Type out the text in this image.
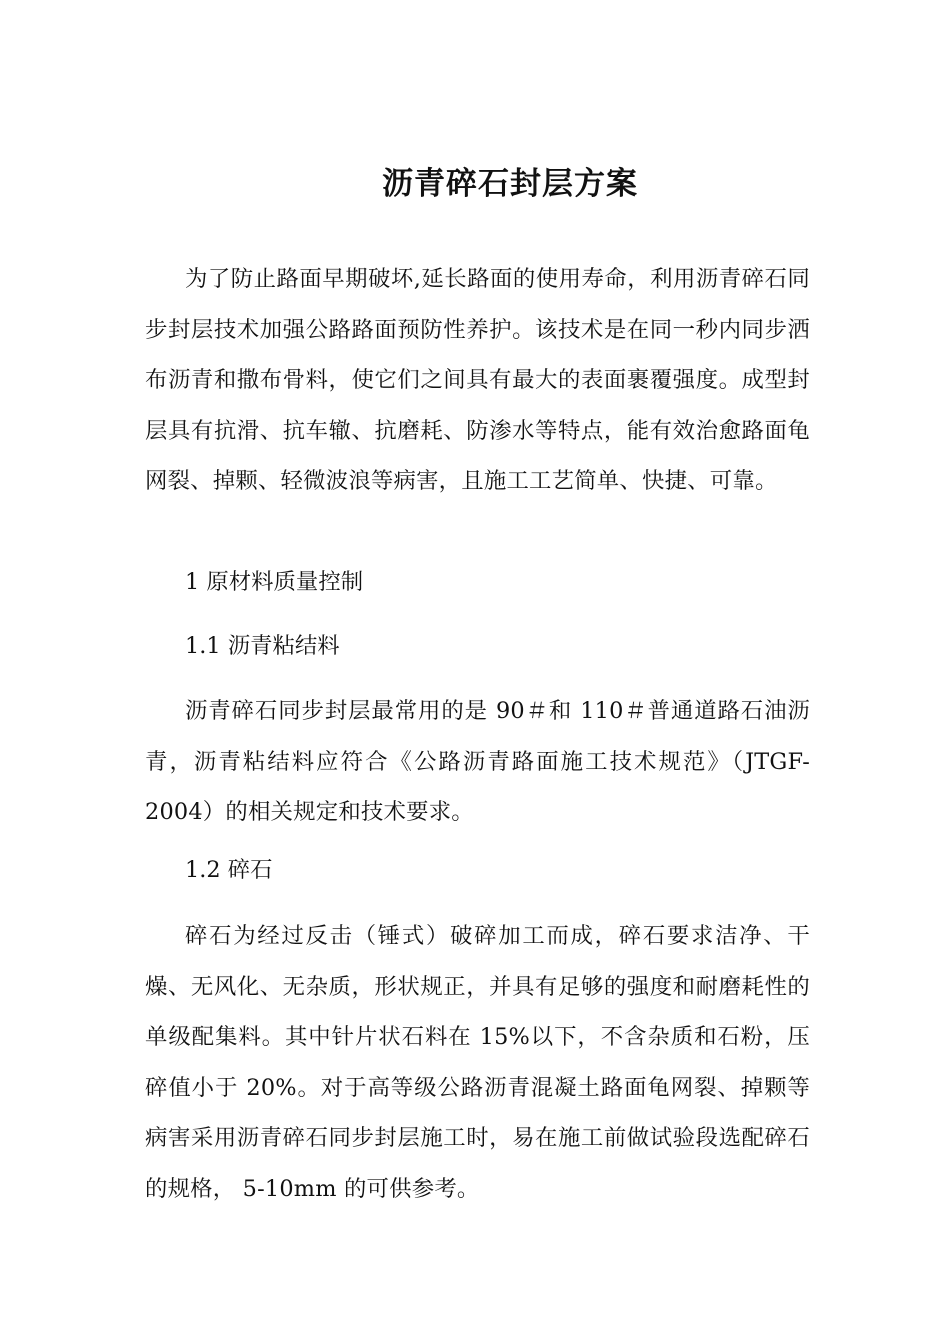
沥青碎石封层方案

为了防止路面早期破坏,延长路面的使用寿命，利用沥青碎石同步封层技术加强公路路面预防性养护。该技术是在同一秒内同步洒布沥青和撒布骨料，使它们之间具有最大的表面裹覆强度。成型封层具有抗滑、抗车辙、抗磨耗、防渗水等特点，能有效治愈路面龟网裂、掉颗、轻微波浪等病害，且施工工艺简单、快捷、可靠。

1 原材料质量控制

1.1 沥青粘结料

沥青碎石同步封层最常用的是 90＃和 110＃普通道路石油沥青，沥青粘结料应符合《公路沥青路面施工技术规范》（JTGF-2004）的相关规定和技术要求。

1.2 碎石

碎石为经过反击（锤式）破碎加工而成，碎石要求洁净、干燥、无风化、无杂质，形状规正，并具有足够的强度和耐磨耗性的单级配集料。其中针片状石料在 15%以下，不含杂质和石粉，压碎值小于 20%。对于高等级公路沥青混凝土路面龟网裂、掉颗等病害采用沥青碎石同步封层施工时，易在施工前做试验段选配碎石的规格， 5-10mm 的可供参考。
